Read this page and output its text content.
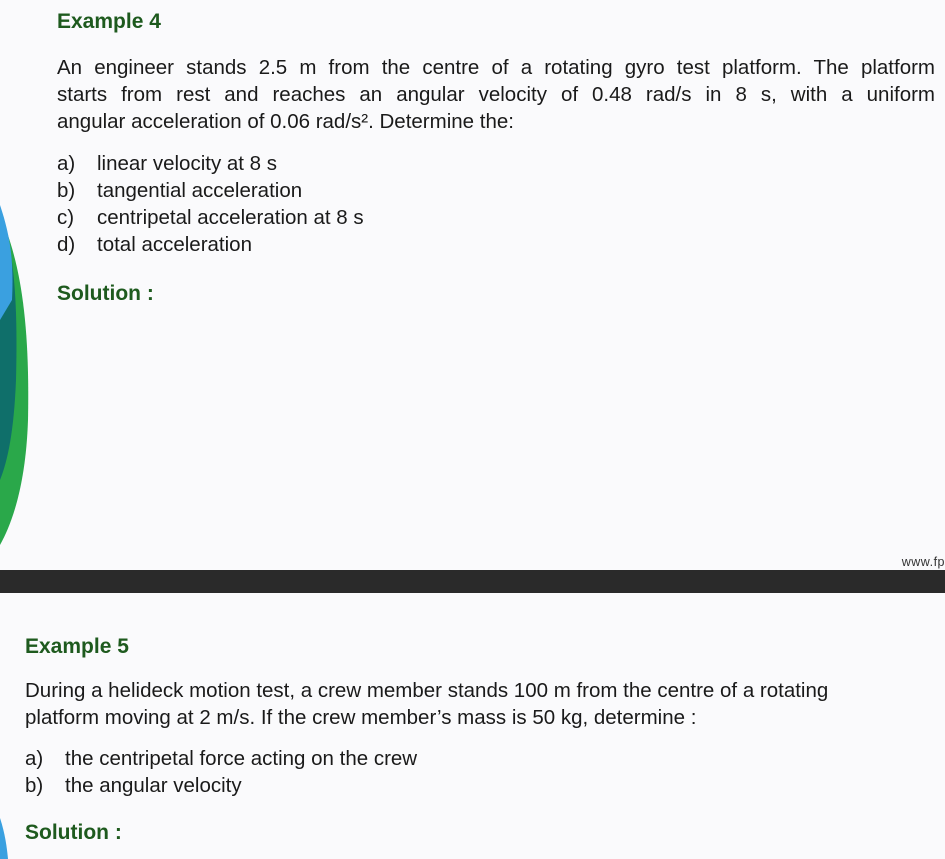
Example 4
An engineer stands 2.5 m from the centre of a rotating gyro test platform. The platform
starts from rest and reaches an angular velocity of 0.48 rad/s in 8 s, with a uniform
angular acceleration of 0.06 rad/s². Determine the:
a)	linear velocity at 8 s
b)	tangential acceleration
c)	centripetal acceleration at 8 s
d)	total acceleration
Solution :
www.fp
Example 5
During a helideck motion test, a crew member stands 100 m from the centre of a rotating
platform moving at 2 m/s. If the crew member’s mass is 50 kg, determine :
a)	the centripetal force acting on the crew
b)	the angular velocity
Solution :
